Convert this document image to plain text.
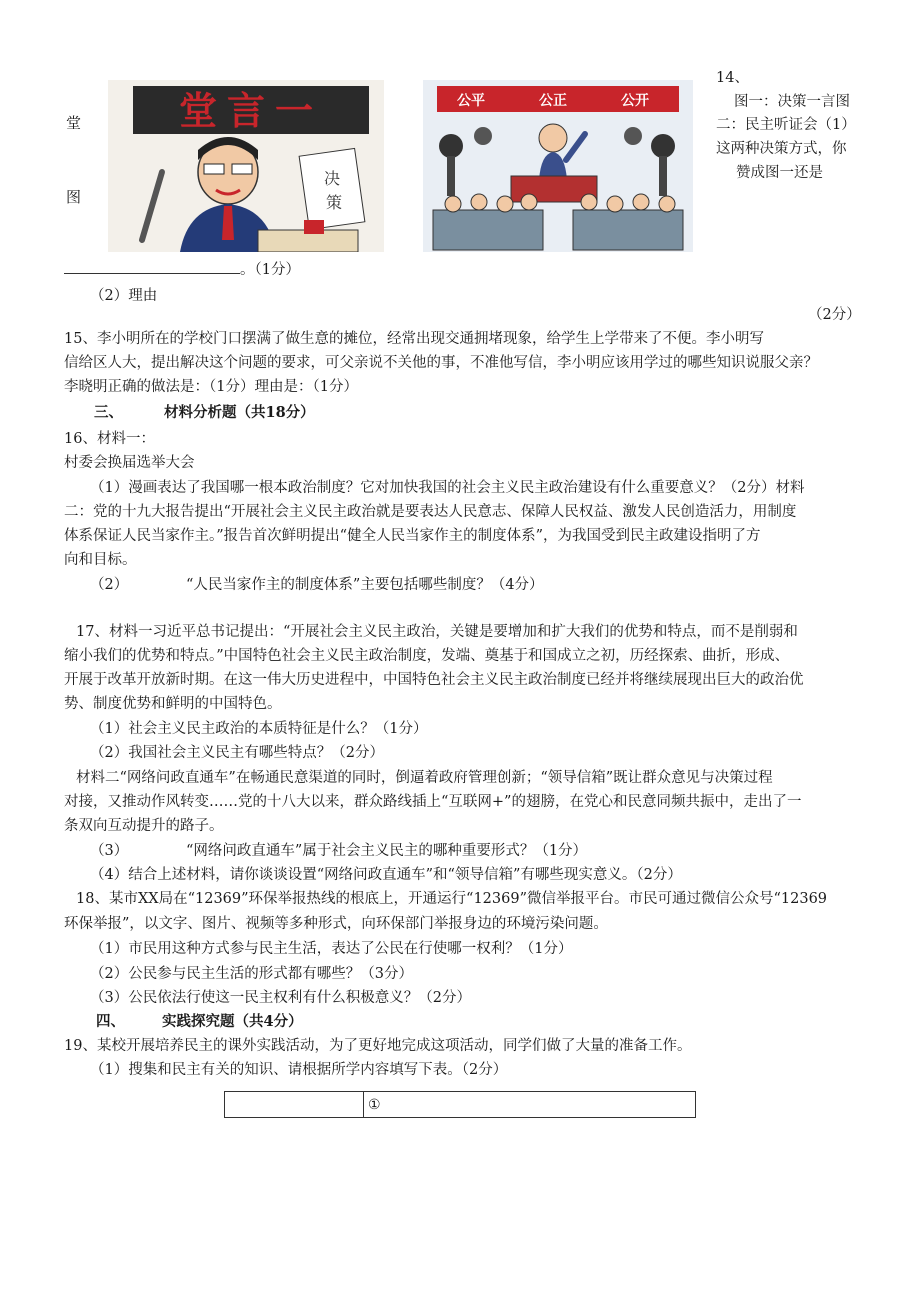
14、
堂
图
堂言一
决
策
公平	公正	公开	图一：决策一言图
二：民主听证会（1）
这两种决策方式，你
赞成图一还是
。（1分）
（2）理由
（2分）
15、李小明所在的学校门口摆满了做生意的摊位，经常出现交通拥堵现象，给学生上学带来了不便。李小明写
信给区人大，提出解决这个问题的要求，可父亲说不关他的事，不准他写信，李小明应该用学过的哪些知识说服父亲？
李晓明正确的做法是：（1分）理由是：（1分）
三、	材料分析题（共18分）
16、材料一：
村委会换届选举大会
（1）漫画表达了我国哪一根本政治制度？它对加快我国的社会主义民主政治建设有什么重要意义？（2分）材料
二：党的十九大报告提出“开展社会主义民主政治就是要表达人民意志、保障人民权益、激发人民创造活力，用制度
体系保证人民当家作主。”报告首次鲜明提出“健全人民当家作主的制度体系”，为我国受到民主政建设指明了方
向和目标。
（2）	“人民当家作主的制度体系”主要包括哪些制度？（4分）
17、材料一习近平总书记提出：“开展社会主义民主政治，关键是要增加和扩大我们的优势和特点，而不是削弱和
缩小我们的优势和特点。”中国特色社会主义民主政治制度，发端、奠基于和国成立之初，历经探索、曲折，形成、
开展于改革开放新时期。在这一伟大历史进程中，中国特色社会主义民主政治制度已经并将继续展现出巨大的政治优
势、制度优势和鲜明的中国特色。
（1）社会主义民主政治的本质特征是什么？（1分）
（2）我国社会主义民主有哪些特点？（2分）
材料二“网络问政直通车”在畅通民意渠道的同时，倒逼着政府管理创新；“领导信箱”既让群众意见与决策过程
对接，又推动作风转变……党的十八大以来，群众路线插上“互联网+”的翅膀，在党心和民意同频共振中，走出了一
条双向互动提升的路子。
（3）	“网络问政直通车”属于社会主义民主的哪种重要形式？（1分）
（4）结合上述材料，请你谈谈设置“网络问政直通车”和“领导信箱”有哪些现实意义。（2分）
18、某市XX局在“12369”环保举报热线的根底上，开通运行“12369”微信举报平台。市民可通过微信公众号“12369
环保举报”，以文字、图片、视频等多种形式，向环保部门举报身边的环境污染问题。
（1）市民用这种方式参与民主生活，表达了公民在行使哪一权利？（1分）
（2）公民参与民主生活的形式都有哪些？（3分）
（3）公民依法行使这一民主权利有什么积极意义？（2分）
四、	实践探究题（共4分）
19、某校开展培养民主的课外实践活动，为了更好地完成这项活动，同学们做了大量的准备工作。
（1）搜集和民主有关的知识、请根据所学内容填写下表。（2分）
	①
